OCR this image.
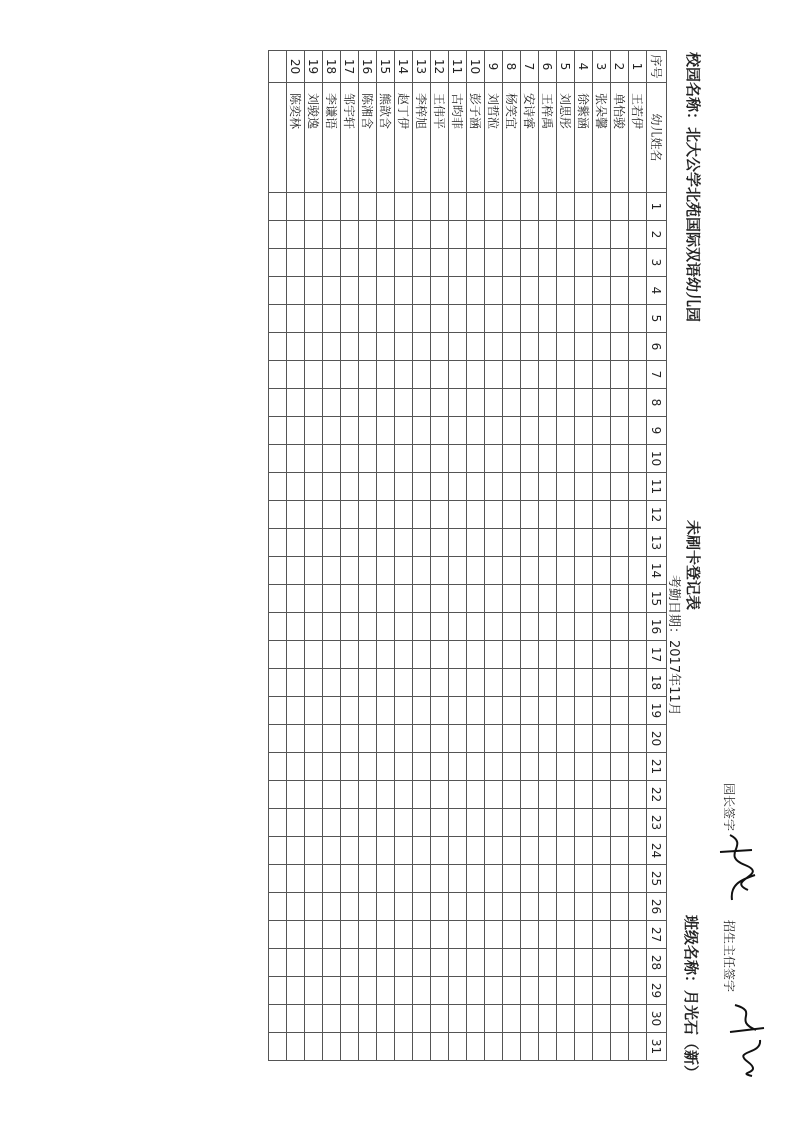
校园名称：北大公学北苑国际双语幼儿园
未刷卡登记表
考勤日期：2017年11月
班级名称：月光石（新）
园长签字
招生主任签字
序号	幼儿姓名	1	2	3	4	5	6	7	8	9	10	11	12	13	14	15	16	17	18	19	20	21	22	23	24	25	26	27	28	29	30	31
1	王若伊																															
2	单怡骏																															
3	张朵馨																															
4	徐紫涵																															
5	刘思彤																															
6	王梓禹																															
7	安诗睿																															
8	杨笑宜																															
9	刘哲涖																															
10	彭子涵																															
11	古昀菲																															
12	王伟平																															
13	李梓旭																															
14	赵丁伊																															
15	熊歆含																															
16	陈湘含																															
17	邹宇轩																															
18	李谦语																															
19	刘骏逸																															
20	陈奕林																															
